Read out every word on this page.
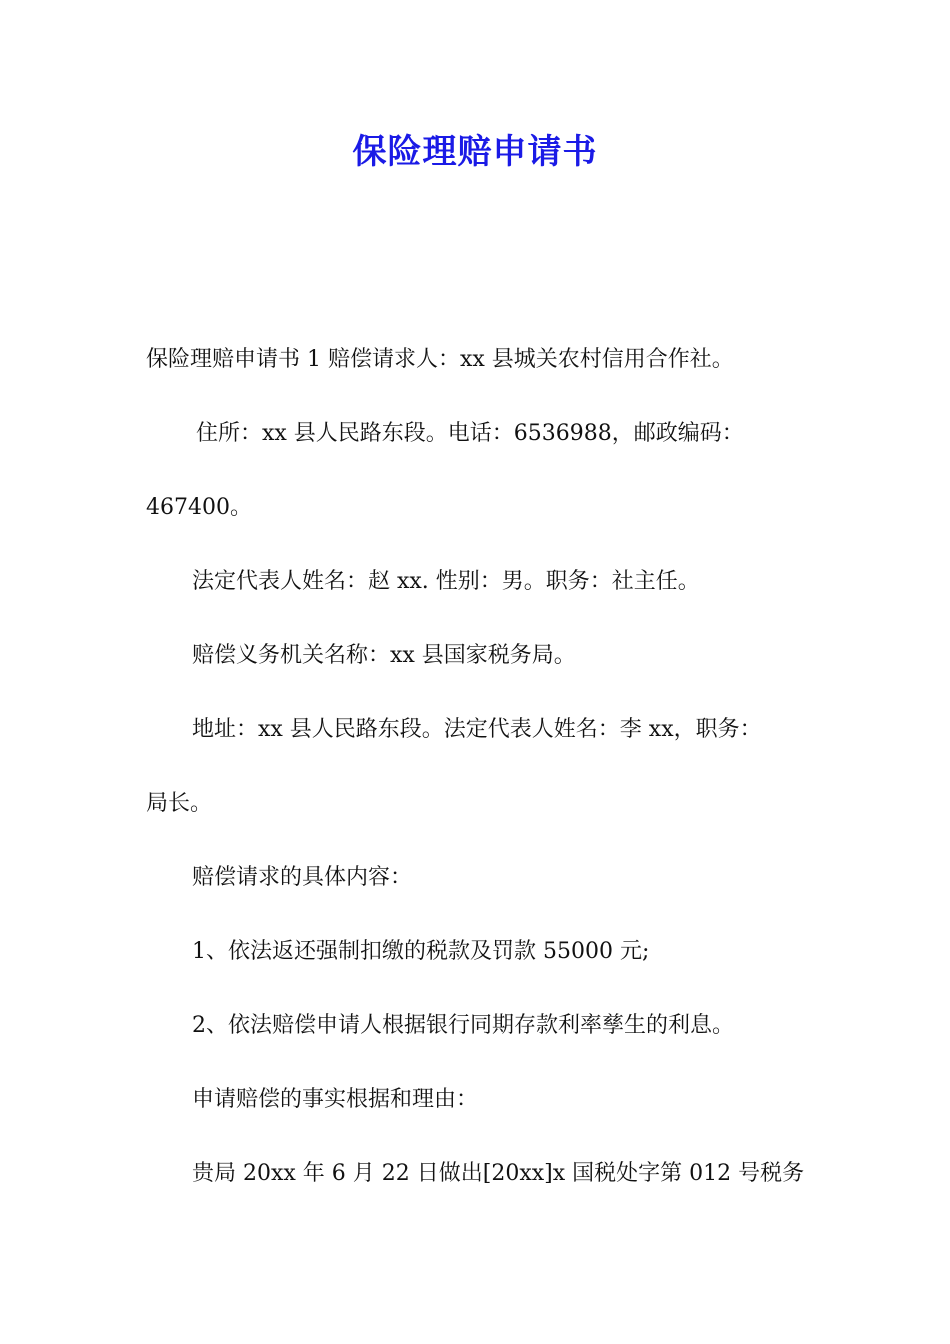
保险理赔申请书
保险理赔申请书 1 赔偿请求人：xx 县城关农村信用合作社。
住所：xx 县人民路东段。电话：6536988，邮政编码：
467400。
法定代表人姓名：赵 xx. 性别：男。职务：社主任。
赔偿义务机关名称：xx 县国家税务局。
地址：xx 县人民路东段。法定代表人姓名：李 xx，职务：
局长。
赔偿请求的具体内容：
1、依法返还强制扣缴的税款及罚款 55000 元;
2、依法赔偿申请人根据银行同期存款利率孳生的利息。
申请赔偿的事实根据和理由：
贵局 20xx 年 6 月 22 日做出[20xx]x 国税处字第 012 号税务
